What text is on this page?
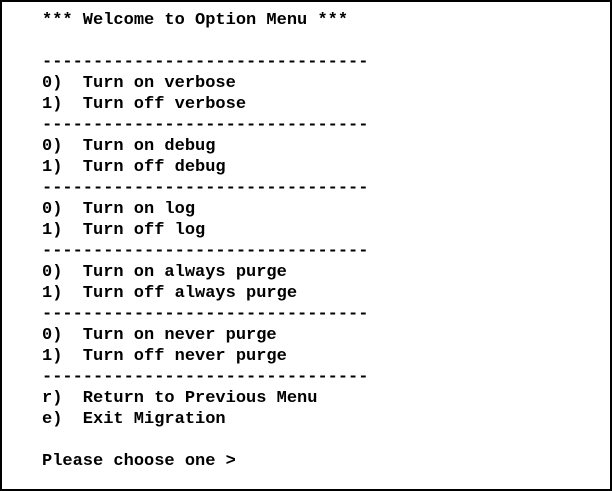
*** Welcome to Option Menu ***
--------------------------------
0) Turn on verbose
1) Turn off verbose
--------------------------------
0) Turn on debug
1) Turn off debug
--------------------------------
0) Turn on log
1) Turn off log
--------------------------------
0) Turn on always purge
1) Turn off always purge
--------------------------------
0) Turn on never purge
1) Turn off never purge
--------------------------------
r) Return to Previous Menu
e) Exit Migration
Please choose one >
